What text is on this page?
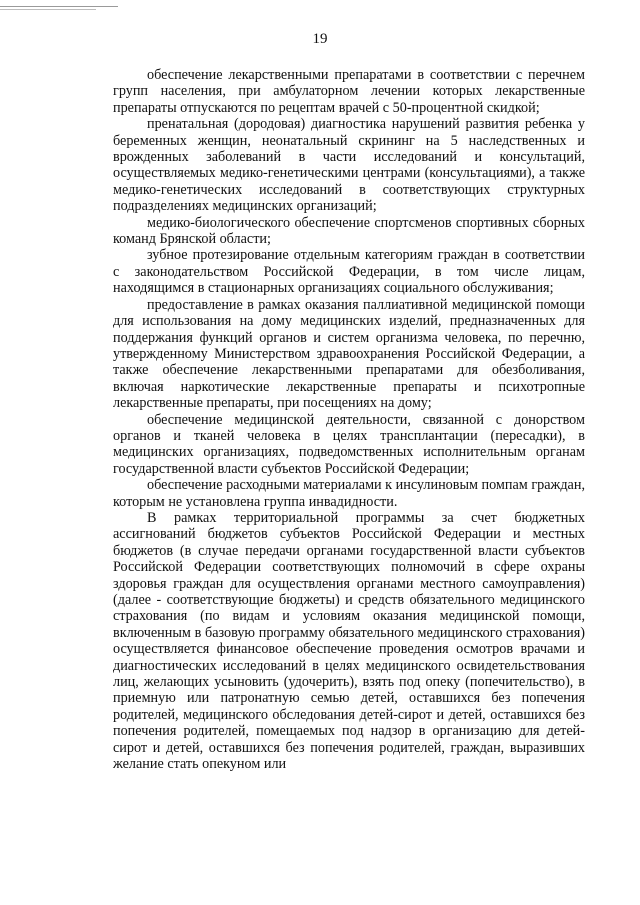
19

обеспечение лекарственными препаратами в соответствии с перечнем групп населения, при амбулаторном лечении которых лекарственные препараты отпускаются по рецептам врачей с 50-процентной скидкой;

пренатальная (дородовая) диагностика нарушений развития ребенка у беременных женщин, неонатальный скрининг на 5 наследственных и врожденных заболеваний в части исследований и консультаций, осуществляемых медико-генетическими центрами (консультациями), а также медико-генетических исследований в соответствующих структурных подразделениях медицинских организаций;

медико-биологического обеспечение спортсменов спортивных сборных команд Брянской области;

зубное протезирование отдельным категориям граждан в соответствии с законодательством Российской Федерации, в том числе лицам, находящимся в стационарных организациях социального обслуживания;

предоставление в рамках оказания паллиативной медицинской помощи для использования на дому медицинских изделий, предназначенных для поддержания функций органов и систем организма человека, по перечню, утвержденному Министерством здравоохранения Российской Федерации, а также обеспечение лекарственными препаратами для обезболивания, включая наркотические лекарственные препараты и психотропные лекарственные препараты, при посещениях на дому;

обеспечение медицинской деятельности, связанной с донорством органов и тканей человека в целях трансплантации (пересадки), в медицинских организациях, подведомственных исполнительным органам государственной власти субъектов Российской Федерации;

обеспечение расходными материалами к инсулиновым помпам граждан, которым не установлена группа инвадидности.

В рамках территориальной программы за счет бюджетных ассигнований бюджетов субъектов Российской Федерации и местных бюджетов (в случае передачи органами государственной власти субъектов Российской Федерации соответствующих полномочий в сфере охраны здоровья граждан для осуществления органами местного самоуправления) (далее - соответствующие бюджеты) и средств обязательного медицинского страхования (по видам и условиям оказания медицинской помощи, включенным в базовую программу обязательного медицинского страхования) осуществляется финансовое обеспечение проведения осмотров врачами и диагностических исследований в целях медицинского освидетельствования лиц, желающих усыновить (удочерить), взять под опеку (попечительство), в приемную или патронатную семью детей, оставшихся без попечения родителей, медицинского обследования детей-сирот и детей, оставшихся без попечения родителей, помещаемых под надзор в организацию для детей-сирот и детей, оставшихся без попечения родителей, граждан, выразивших желание стать опекуном или
